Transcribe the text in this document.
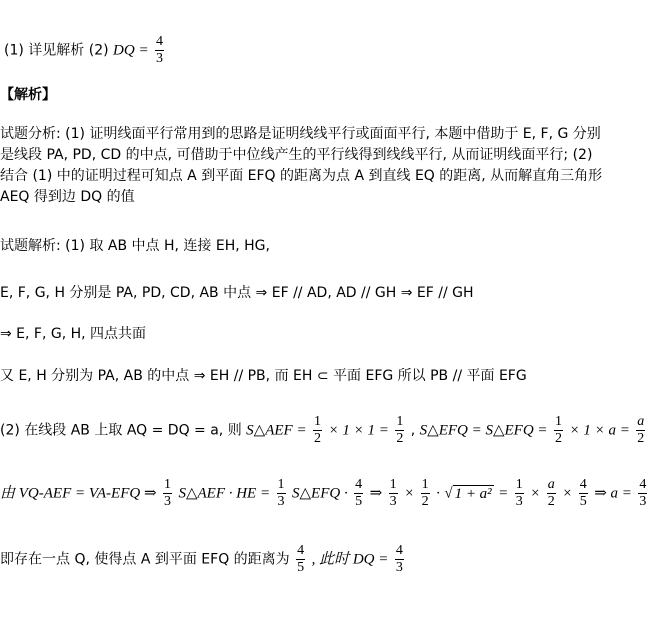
(1) 详见解析 (2) DQ = $\frac{4}{3}$
【解析】
试题分析: (1) 证明线面平行常用到的思路是证明线线平行或面面平行, 本题中借助于 E, F, G 分别
是线段 PA, PD, CD 的中点, 可借助于中位线产生的平行线得到线线平行, 从而证明线面平行; (2)
结合 (1) 中的证明过程可知点 A 到平面 EFQ 的距离为点 A 到直线 EQ 的距离, 从而解直角三角形
AEQ 得到边 DQ 的值
试题解析: (1) 取 AB 中点 H, 连接 EH, HG,
E, F, G, H 分别是 PA, PD, CD, AB 中点 ⇒ EF // AD, AD // GH ⇒ EF // GH
⇒ E, F, G, H, 四点共面
又 E, H 分别为 PA, AB 的中点 ⇒ EH // PB, 而 EH ⊂ 平面 EFG 所以 PB // 平面 EFG
(2) 在线段 AB 上取 AQ = DQ = a, 则 S△AEF = $\frac{1}{2} \times 1 \times 1 = \frac{1}{2}$ , S△EFQ = S△EFQ = $\frac{1}{2} \times 1 \times a = \frac{a}{2}$
由 VQ-AEF = VA-EFQ ⇒ $\frac{1}{3}$ S△AEF · HE = $\frac{1}{3}$ S△EFQ · $\frac{4}{5}$ ⇒ $\frac{1}{3} \times \frac{1}{2}$ · √ $1 + a^2 = \frac{1}{3} \times \frac{a}{2} \times \frac{4}{5}$ ⇒ $a = \frac{4}{3}$
即存在一点 Q, 使得点 A 到平面 EFQ 的距离为 $\frac{4}{5}$ , 此时 DQ = $\frac{4}{3}$
